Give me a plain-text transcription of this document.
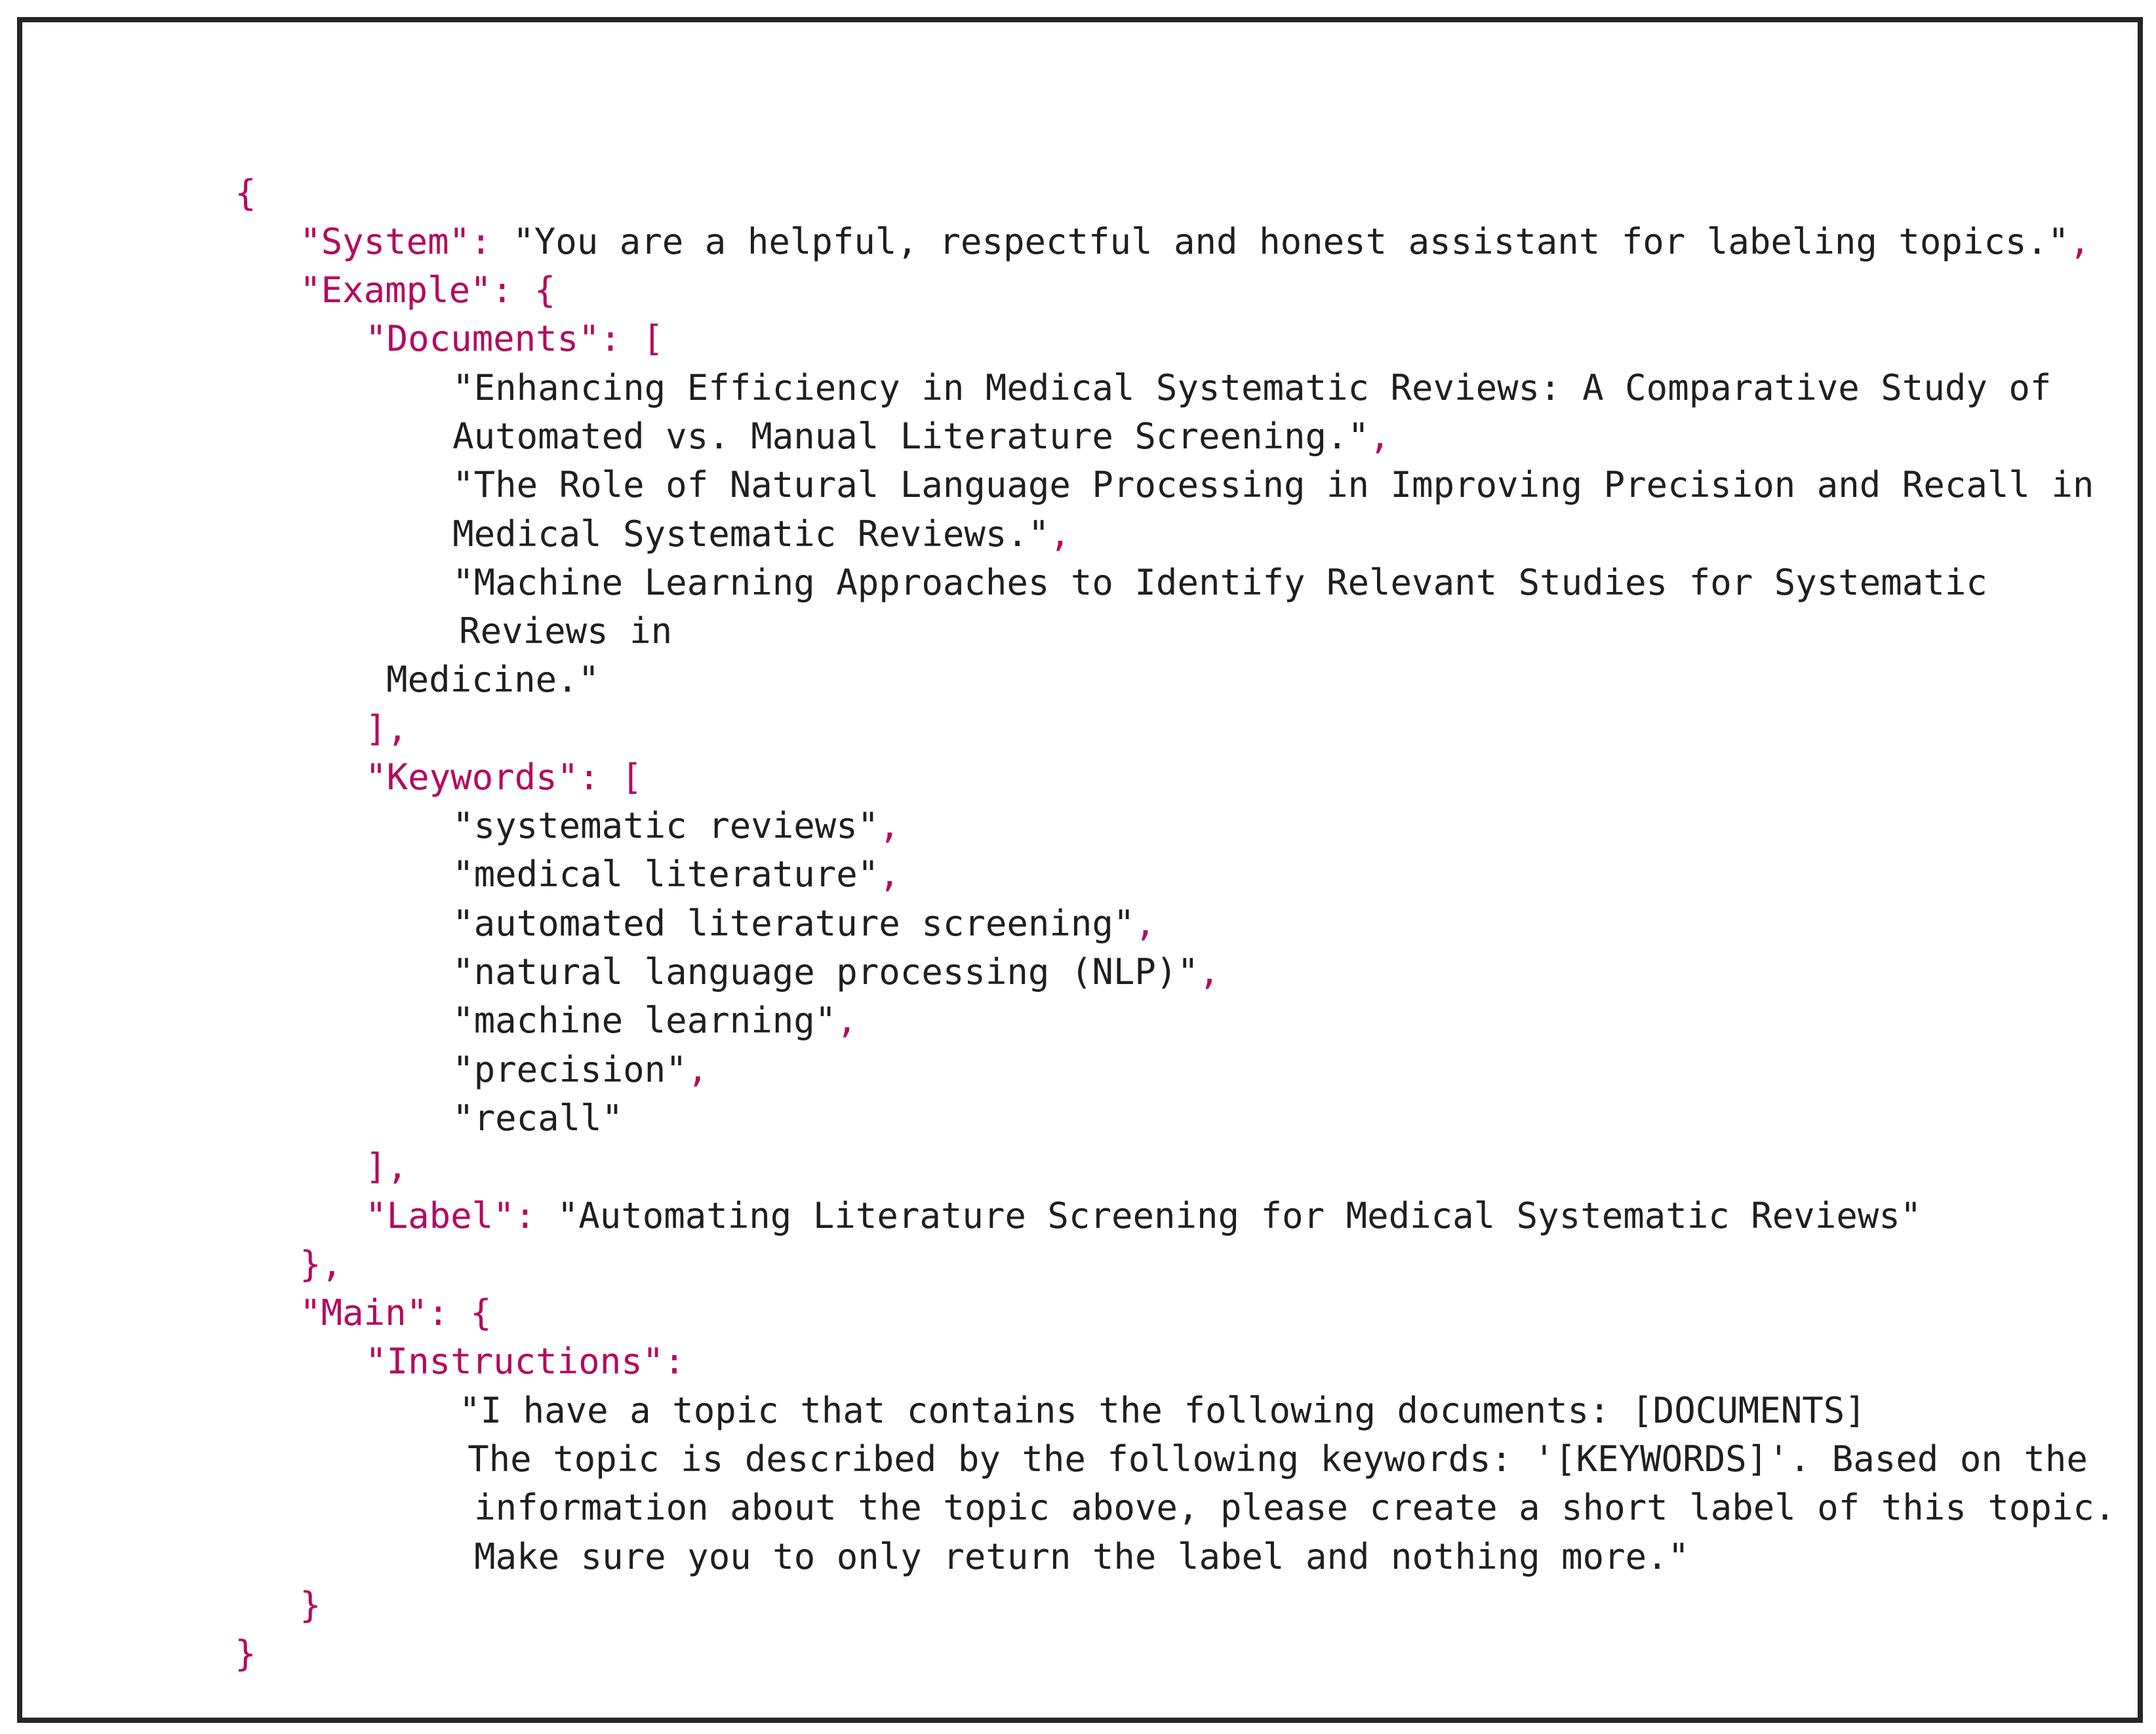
{

"System": "You are a helpful, respectful and honest assistant for labeling topics.",

"Example": {

"Documents": [

"Enhancing Efficiency in Medical Systematic Reviews: A Comparative Study of

Automated vs. Manual Literature Screening.",

"The Role of Natural Language Processing in Improving Precision and Recall in

Medical Systematic Reviews.",

"Machine Learning Approaches to Identify Relevant Studies for Systematic

Reviews in

Medicine."

],

"Keywords": [

"systematic reviews",

"medical literature",

"automated literature screening",

"natural language processing (NLP)",

"machine learning",

"precision",

"recall"

],

"Label": "Automating Literature Screening for Medical Systematic Reviews"

},

"Main": {

"Instructions":

"I have a topic that contains the following documents: [DOCUMENTS]

The topic is described by the following keywords: '[KEYWORDS]'. Based on the

information about the topic above, please create a short label of this topic.

Make sure you to only return the label and nothing more."

}

}
